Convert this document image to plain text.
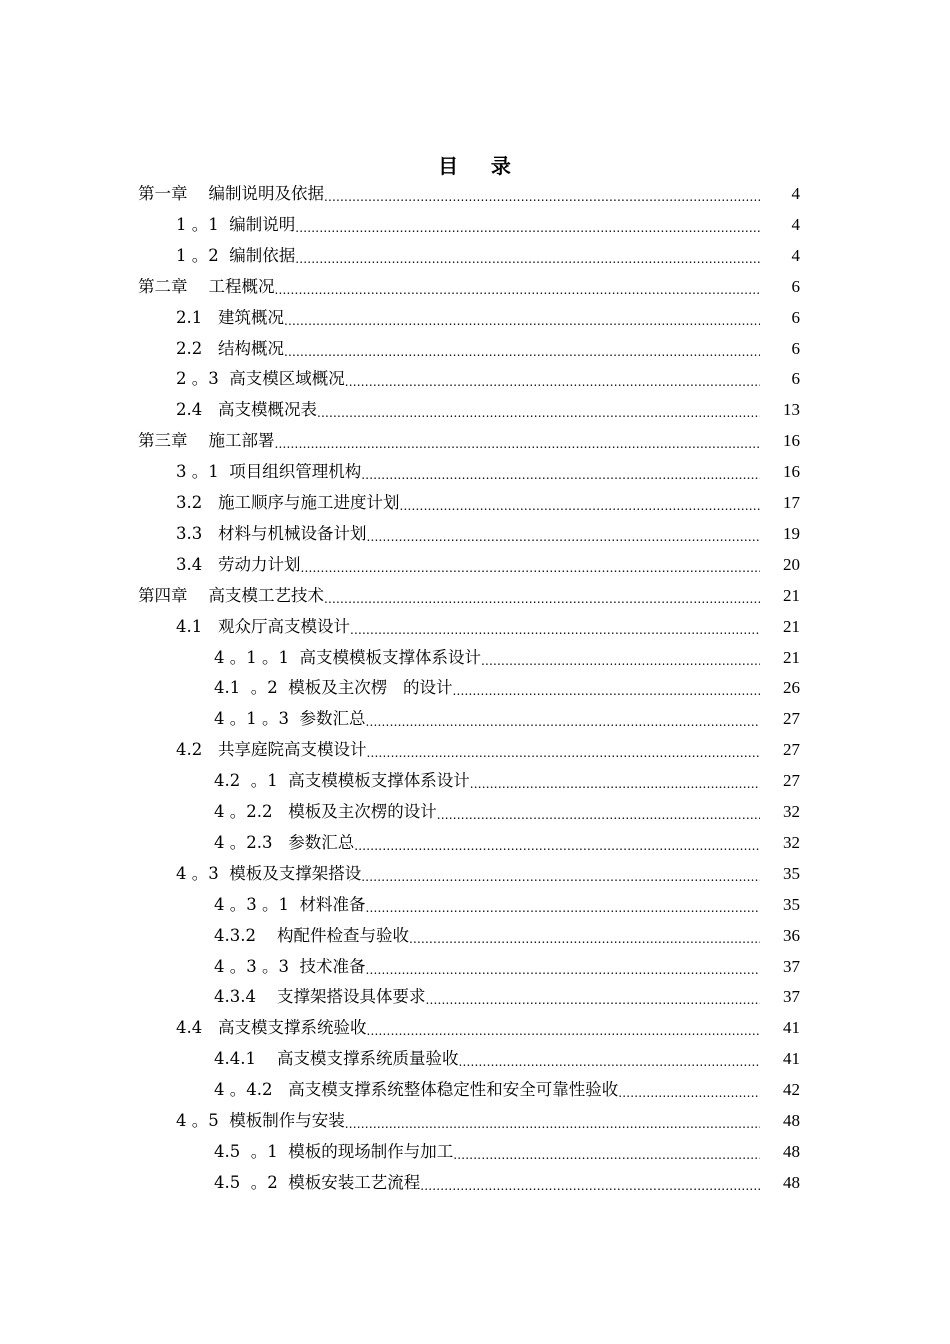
目    录
第一章    编制说明及依据 .....	4
1 。1  编制说明 .....	4
1 。2  编制依据 .....	4
第二章    工程概况 .....	6
2.1   建筑概况 .....	6
2.2   结构概况 .....	6
2 。3  高支模区域概况 .....	6
2.4   高支模概况表 .....	13
第三章    施工部署 .....	16
3 。1  项目组织管理机构 .....	16
3.2   施工顺序与施工进度计划 .....	17
3.3   材料与机械设备计划 .....	19
3.4   劳动力计划 .....	20
第四章    高支模工艺技术 .....	21
4.1   观众厅高支模设计 .....	21
4 。1 。1  高支模模板支撑体系设计 .....	21
4.1  。2  模板及主次楞   的设计 .....	26
4 。1 。3  参数汇总 .....	27
4.2   共享庭院高支模设计 .....	27
4.2  。1  高支模模板支撑体系设计 .....	27
4 。2.2   模板及主次楞的设计 .....	32
4 。2.3   参数汇总 .....	32
4 。3  模板及支撑架搭设 .....	35
4 。3 。1  材料准备 .....	35
4.3.2    构配件检查与验收 .....	36
4 。3 。3  技术准备 .....	37
4.3.4    支撑架搭设具体要求 .....	37
4.4   高支模支撑系统验收 .....	41
4.4.1    高支模支撑系统质量验收 .....	41
4 。4.2   高支模支撑系统整体稳定性和安全可靠性验收 .....	42
4 。5  模板制作与安装 .....	48
4.5  。1  模板的现场制作与加工 .....	48
4.5  。2  模板安装工艺流程 .....	48
